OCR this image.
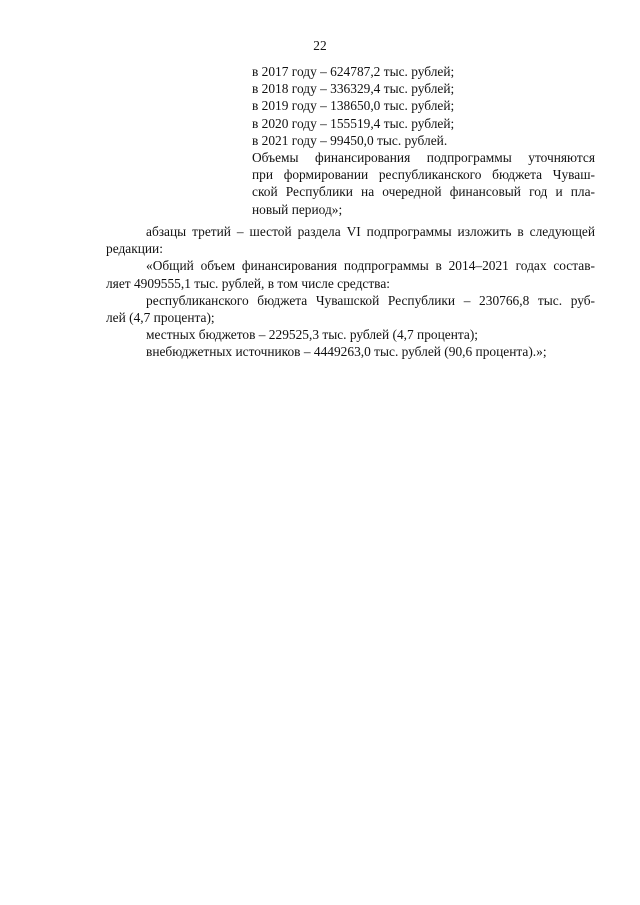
22
в 2017 году – 624787,2 тыс. рублей;
в 2018 году – 336329,4 тыс. рублей;
в 2019 году – 138650,0 тыс. рублей;
в 2020 году – 155519,4 тыс. рублей;
в 2021 году – 99450,0 тыс. рублей.
Объемы финансирования подпрограммы уточняются
при формировании республиканского бюджета Чуваш-
ской Республики на очередной финансовый год и пла-
новый период»;
абзацы третий – шестой раздела VI подпрограммы изложить в следующей
редакции:
«Общий объем финансирования подпрограммы в 2014–2021 годах состав-
ляет 4909555,1 тыс. рублей, в том числе средства:
республиканского бюджета Чувашской Республики – 230766,8 тыс. руб-
лей (4,7 процента);
местных бюджетов – 229525,3 тыс. рублей (4,7 процента);
внебюджетных источников – 4449263,0 тыс. рублей (90,6 процента).»;
